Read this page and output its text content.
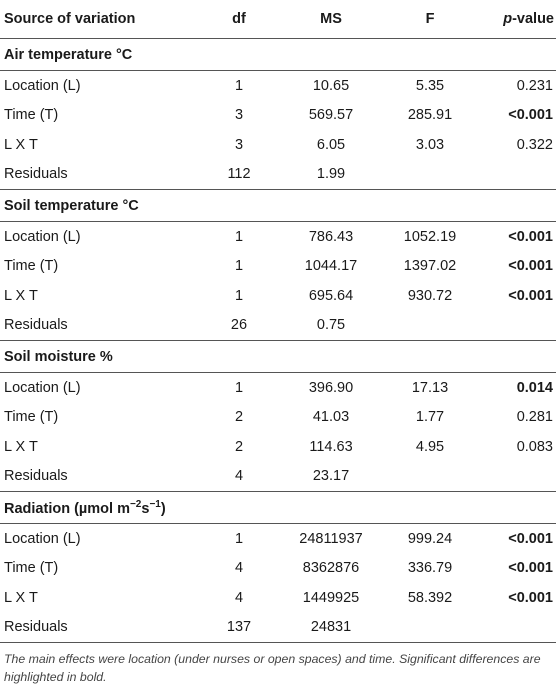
Source of variation	df	MS	F	p-value
Air temperature °C				
Location (L)	1	10.65	5.35	0.231
Time (T)	3	569.57	285.91	<0.001
L X T	3	6.05	3.03	0.322
Residuals	112	1.99		
Soil temperature °C				
Location (L)	1	786.43	1052.19	<0.001
Time (T)	1	1044.17	1397.02	<0.001
L X T	1	695.64	930.72	<0.001
Residuals	26	0.75		
Soil moisture %				
Location (L)	1	396.90	17.13	0.014
Time (T)	2	41.03	1.77	0.281
L X T	2	114.63	4.95	0.083
Residuals	4	23.17		
Radiation (µmol $m^{-2}s^{-1}$)				
Location (L)	1	24811937	999.24	<0.001
Time (T)	4	8362876	336.79	<0.001
L X T	4	1449925	58.392	<0.001
Residuals	137	24831		
The main effects were location (under nurses or open spaces) and time. Significant differences are highlighted in bold.
